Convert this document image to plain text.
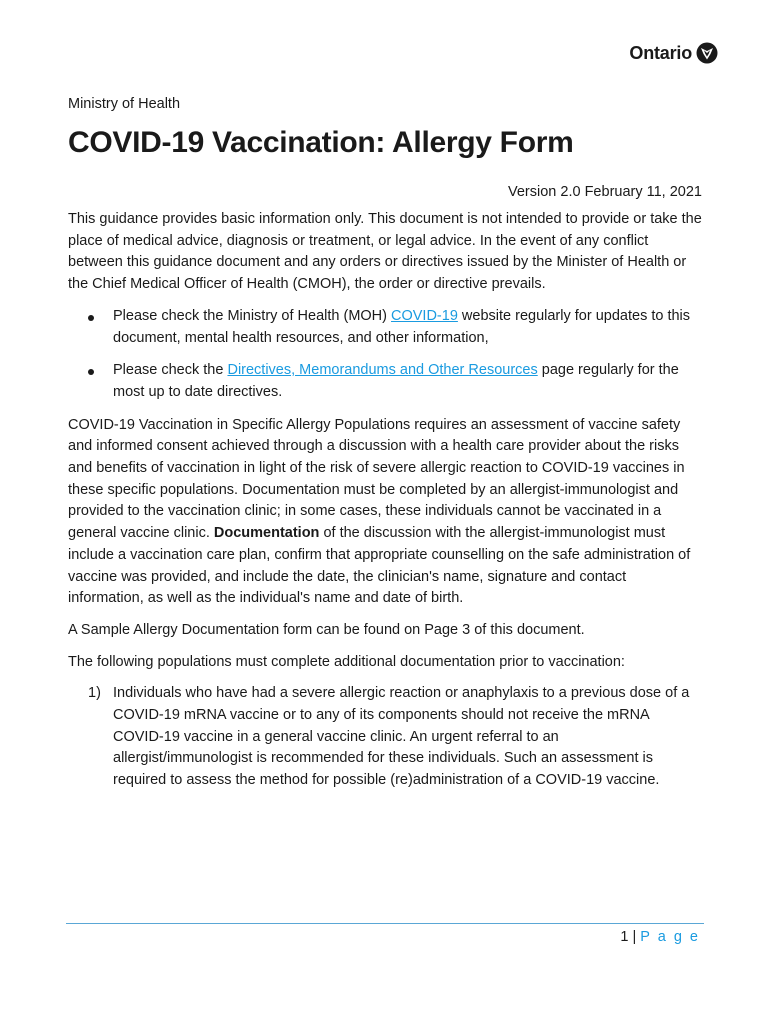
Ontario
Ministry of Health
COVID-19 Vaccination: Allergy Form
Version 2.0 February 11, 2021

This guidance provides basic information only. This document is not intended to provide or take the place of medical advice, diagnosis or treatment, or legal advice. In the event of any conflict between this guidance document and any orders or directives issued by the Minister of Health or the Chief Medical Officer of Health (CMOH), the order or directive prevails.

Please check the Ministry of Health (MOH) COVID-19 website regularly for updates to this document, mental health resources, and other information,
Please check the Directives, Memorandums and Other Resources page regularly for the most up to date directives.

COVID-19 Vaccination in Specific Allergy Populations requires an assessment of vaccine safety and informed consent achieved through a discussion with a health care provider about the risks and benefits of vaccination in light of the risk of severe allergic reaction to COVID-19 vaccines in these specific populations. Documentation must be completed by an allergist-immunologist and provided to the vaccination clinic; in some cases, these individuals cannot be vaccinated in a general vaccine clinic. Documentation of the discussion with the allergist-immunologist must include a vaccination care plan, confirm that appropriate counselling on the safe administration of vaccine was provided, and include the date, the clinician's name, signature and contact information, as well as the individual's name and date of birth.

A Sample Allergy Documentation form can be found on Page 3 of this document.

The following populations must complete additional documentation prior to vaccination:

1) Individuals who have had a severe allergic reaction or anaphylaxis to a previous dose of a COVID-19 mRNA vaccine or to any of its components should not receive the mRNA COVID-19 vaccine in a general vaccine clinic. An urgent referral to an allergist/immunologist is recommended for these individuals. Such an assessment is required to assess the method for possible (re)administration of a COVID-19 vaccine.
1 | P a g e
